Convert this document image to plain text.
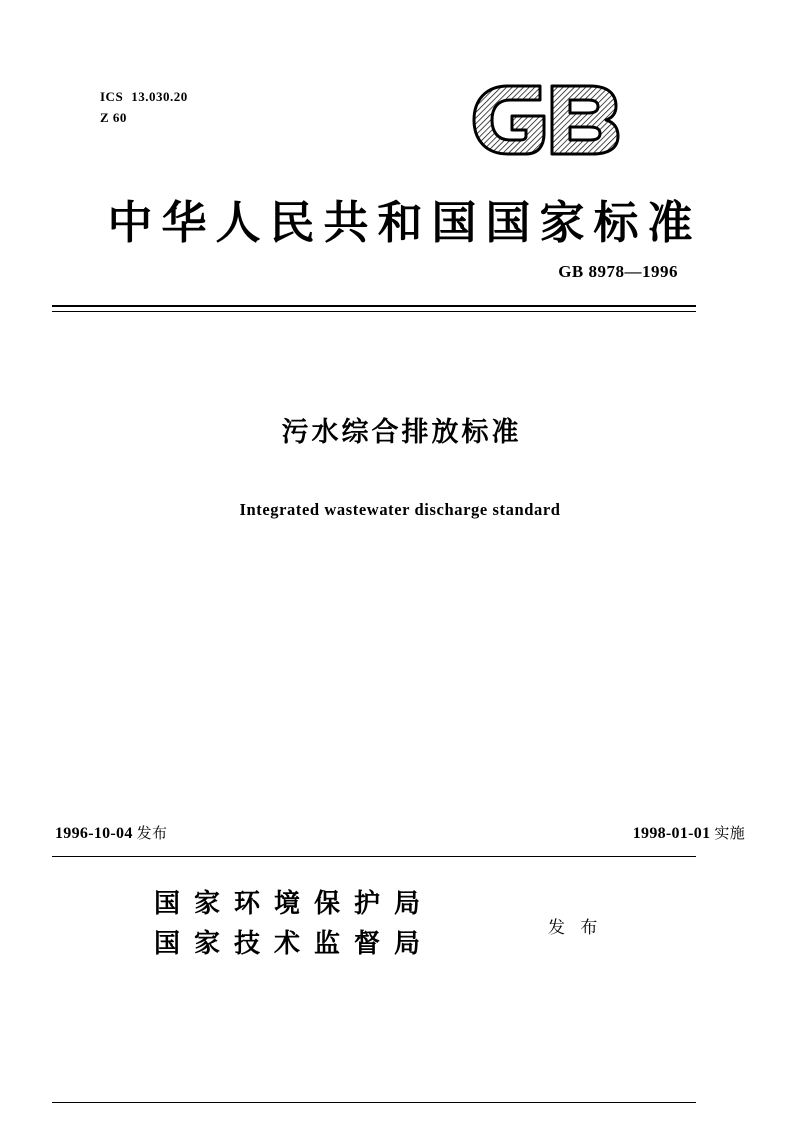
ICS 13.030.20
Z 60
中华人民共和国国家标准
GB 8978—1996
污水综合排放标准
Integrated wastewater discharge standard
1996-10-04 发布	1998-01-01 实施
国家环境保护局
国家技术监督局
发 布
